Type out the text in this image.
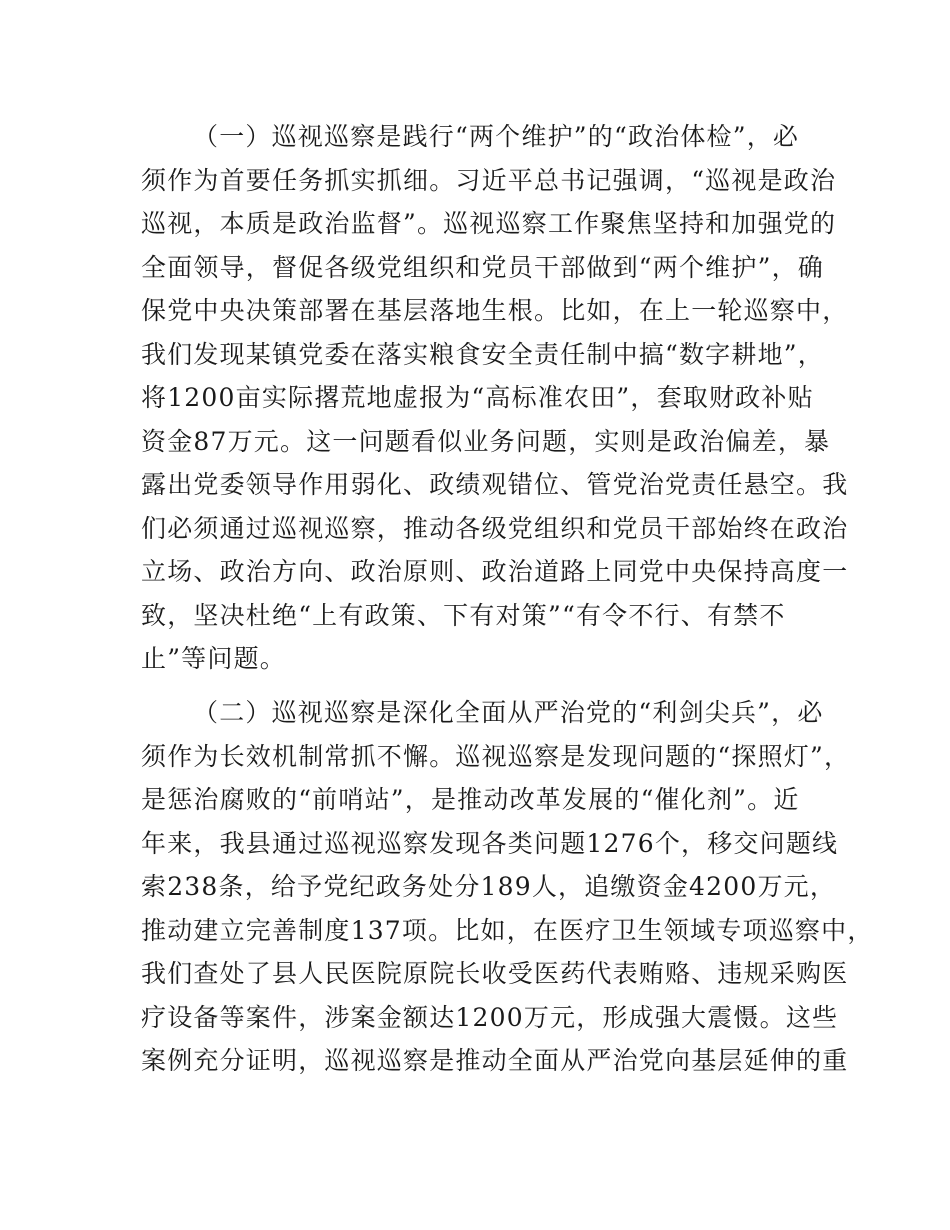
（一）巡视巡察是践行“两个维护”的“政治体检”，必
须作为首要任务抓实抓细。习近平总书记强调，“巡视是政治
巡视，本质是政治监督”。巡视巡察工作聚焦坚持和加强党的
全面领导，督促各级党组织和党员干部做到“两个维护”，确
保党中央决策部署在基层落地生根。比如，在上一轮巡察中，
我们发现某镇党委在落实粮食安全责任制中搞“数字耕地”，
将1200亩实际撂荒地虚报为“高标准农田”，套取财政补贴
资金87万元。这一问题看似业务问题，实则是政治偏差，暴
露出党委领导作用弱化、政绩观错位、管党治党责任悬空。我
们必须通过巡视巡察，推动各级党组织和党员干部始终在政治
立场、政治方向、政治原则、政治道路上同党中央保持高度一
致，坚决杜绝“上有政策、下有对策”“有令不行、有禁不
止”等问题。
（二）巡视巡察是深化全面从严治党的“利剑尖兵”，必
须作为长效机制常抓不懈。巡视巡察是发现问题的“探照灯”，
是惩治腐败的“前哨站”，是推动改革发展的“催化剂”。近
年来，我县通过巡视巡察发现各类问题1276个，移交问题线
索238条，给予党纪政务处分189人，追缴资金4200万元，
推动建立完善制度137项。比如，在医疗卫生领域专项巡察中，
我们查处了县人民医院原院长收受医药代表贿赂、违规采购医
疗设备等案件，涉案金额达1200万元，形成强大震慑。这些
案例充分证明，巡视巡察是推动全面从严治党向基层延伸的重
